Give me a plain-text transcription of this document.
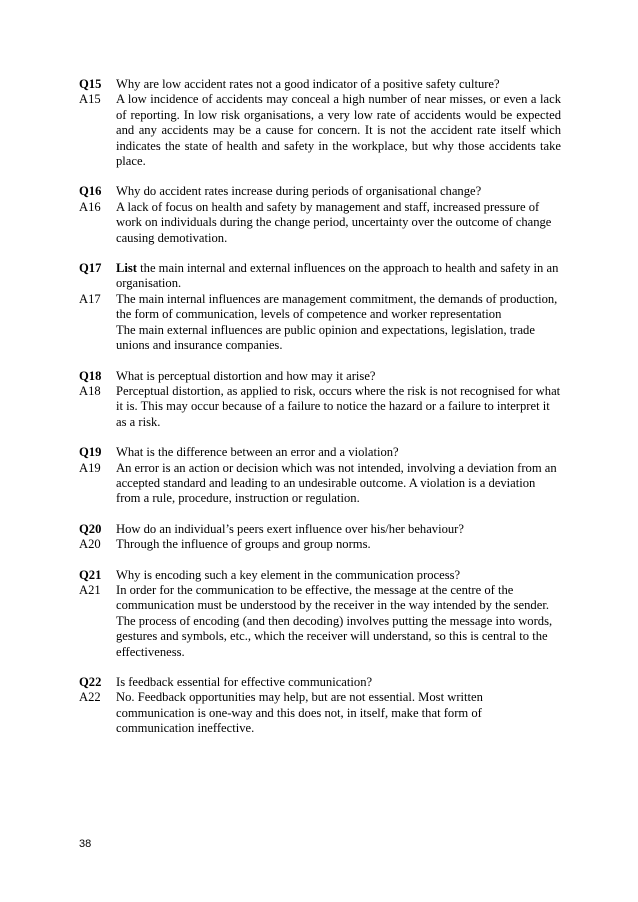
Q15	Why are low accident rates not a good indicator of a positive safety culture?
A15	A low incidence of accidents may conceal a high number of near misses, or even a lack of reporting. In low risk organisations, a very low rate of accidents would be expected and any accidents may be a cause for concern. It is not the accident rate itself which indicates the state of health and safety in the workplace, but why those accidents take place.
Q16	Why do accident rates increase during periods of organisational change?
A16	A lack of focus on health and safety by management and staff, increased pressure of work on individuals during the change period, uncertainty over the outcome of change causing demotivation.
Q17	List the main internal and external influences on the approach to health and safety in an organisation.
A17	The main internal influences are management commitment, the demands of production, the form of communication, levels of competence and worker representation
The main external influences are public opinion and expectations, legislation, trade unions and insurance companies.
Q18	What is perceptual distortion and how may it arise?
A18	Perceptual distortion, as applied to risk, occurs where the risk is not recognised for what it is. This may occur because of a failure to notice the hazard or a failure to interpret it as a risk.
Q19	What is the difference between an error and a violation?
A19	An error is an action or decision which was not intended, involving a deviation from an accepted standard and leading to an undesirable outcome. A violation is a deviation from a rule, procedure, instruction or regulation.
Q20	How do an individual’s peers exert influence over his/her behaviour?
A20	Through the influence of groups and group norms.
Q21	Why is encoding such a key element in the communication process?
A21	In order for the communication to be effective, the message at the centre of the communication must be understood by the receiver in the way intended by the sender. The process of encoding (and then decoding) involves putting the message into words, gestures and symbols, etc., which the receiver will understand, so this is central to the effectiveness.
Q22	Is feedback essential for effective communication?
A22	No. Feedback opportunities may help, but are not essential. Most written communication is one-way and this does not, in itself, make that form of communication ineffective.
38
